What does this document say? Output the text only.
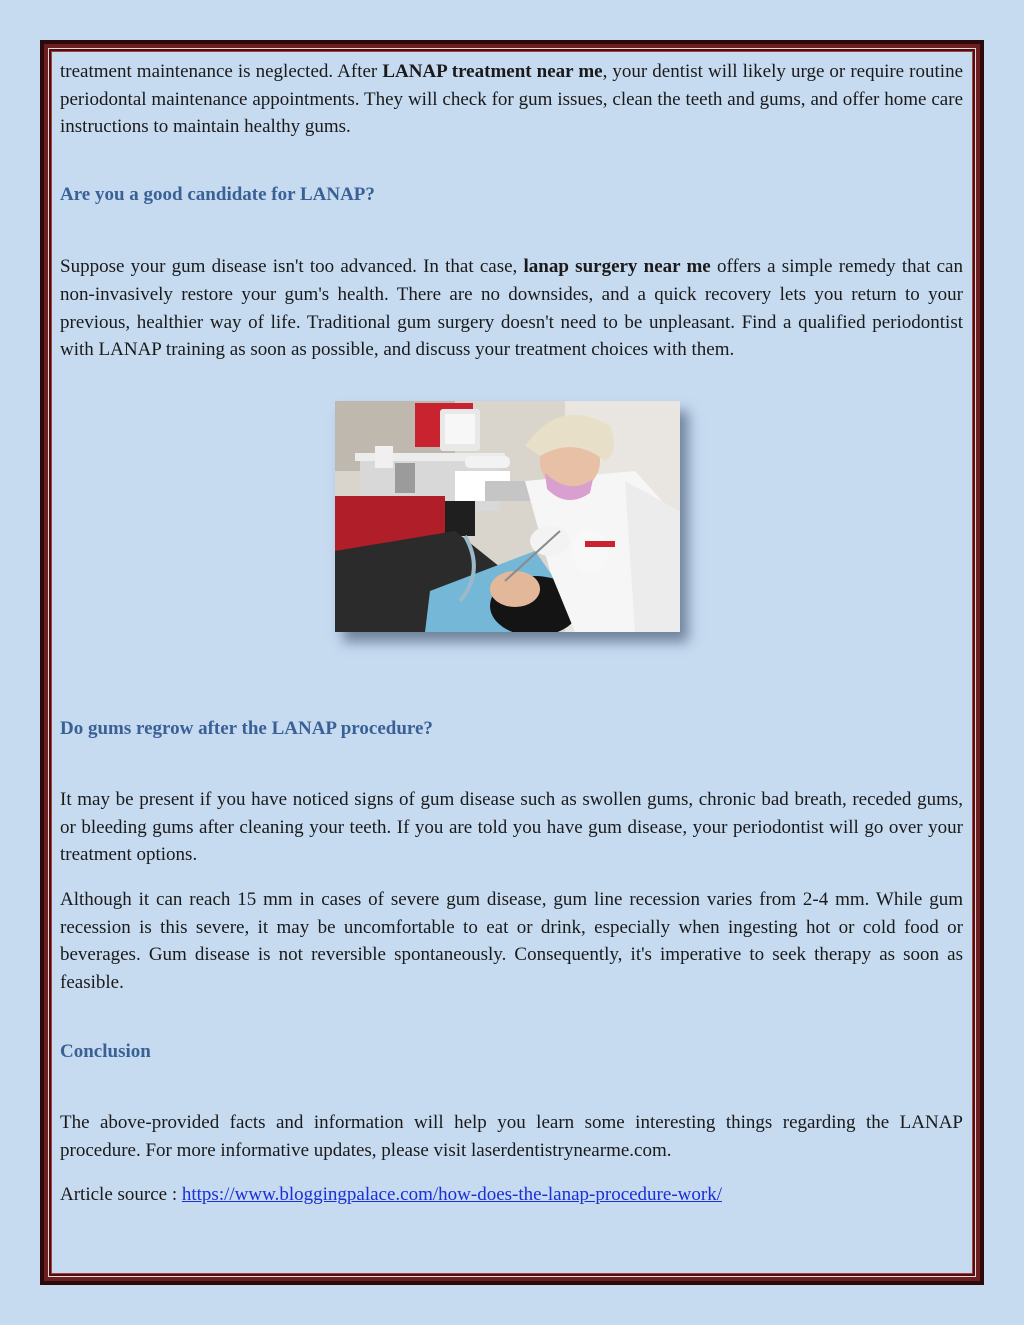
treatment maintenance is neglected. After LANAP treatment near me, your dentist will likely urge or require routine periodontal maintenance appointments. They will check for gum issues, clean the teeth and gums, and offer home care instructions to maintain healthy gums.

Are you a good candidate for LANAP?

Suppose your gum disease isn't too advanced. In that case, lanap surgery near me offers a simple remedy that can non-invasively restore your gum's health. There are no downsides, and a quick recovery lets you return to your previous, healthier way of life. Traditional gum surgery doesn't need to be unpleasant. Find a qualified periodontist with LANAP training as soon as possible, and discuss your treatment choices with them.

Do gums regrow after the LANAP procedure?

It may be present if you have noticed signs of gum disease such as swollen gums, chronic bad breath, receded gums, or bleeding gums after cleaning your teeth. If you are told you have gum disease, your periodontist will go over your treatment options.

Although it can reach 15 mm in cases of severe gum disease, gum line recession varies from 2-4 mm. While gum recession is this severe, it may be uncomfortable to eat or drink, especially when ingesting hot or cold food or beverages. Gum disease is not reversible spontaneously. Consequently, it's imperative to seek therapy as soon as feasible.

Conclusion

The above-provided facts and information will help you learn some interesting things regarding the LANAP procedure. For more informative updates, please visit laserdentistrynearme.com.

Article source : https://www.bloggingpalace.com/how-does-the-lanap-procedure-work/
